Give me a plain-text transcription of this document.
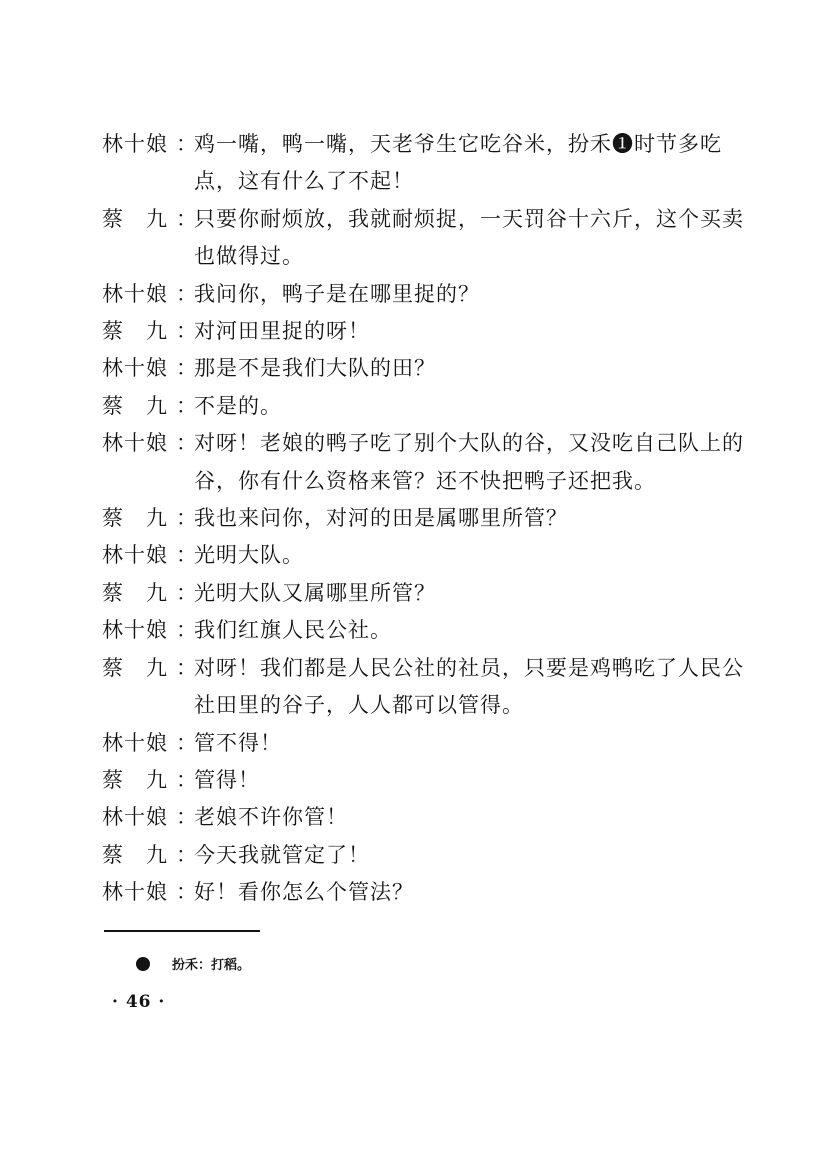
林十娘 ：
鸡一嘴，鸭一嘴，天老爷生它吃谷米，扮禾❶时节多吃点，这有什么了不起！
蔡　九 ：
只要你耐烦放，我就耐烦捉，一天罚谷十六斤，这个买卖也做得过。
林十娘 ：
我问你，鸭子是在哪里捉的？
蔡　九 ：
对河田里捉的呀！
林十娘 ：
那是不是我们大队的田？
蔡　九 ：
不是的。
林十娘 ：
对呀！老娘的鸭子吃了别个大队的谷，又没吃自己队上的谷，你有什么资格来管？还不快把鸭子还把我。
蔡　九 ：
我也来问你，对河的田是属哪里所管？
林十娘 ：
光明大队。
蔡　九 ：
光明大队又属哪里所管？
林十娘 ：
我们红旗人民公社。
蔡　九 ：
对呀！我们都是人民公社的社员，只要是鸡鸭吃了人民公社田里的谷子，人人都可以管得。
林十娘 ：
管不得！
蔡　九 ：
管得！
林十娘 ：
老娘不许你管！
蔡　九 ：
今天我就管定了！
林十娘 ：
好！看你怎么个管法？
扮禾：打稻。
· 46 ·
